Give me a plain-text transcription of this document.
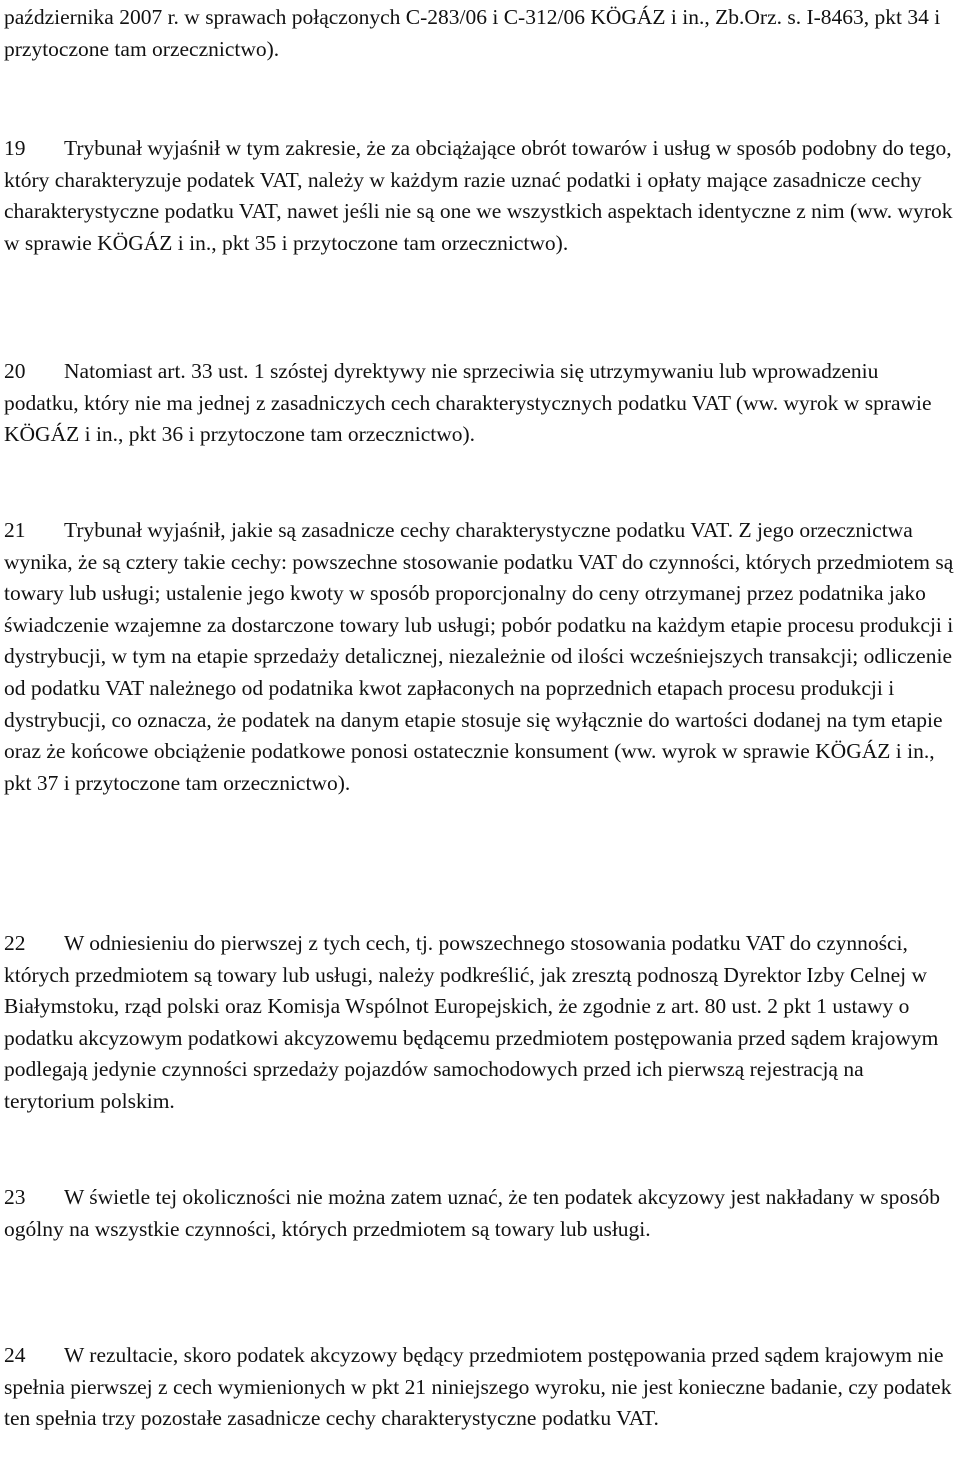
października 2007 r. w sprawach połączonych C‑283/06 i C‑312/06 KÖGÁZ i in., Zb.Orz. s. I‑8463, pkt 34 i przytoczone tam orzecznictwo).

19 Trybunał wyjaśnił w tym zakresie, że za obciążające obrót towarów i usług w sposób podobny do tego, który charakteryzuje podatek VAT, należy w każdym razie uznać podatki i opłaty mające zasadnicze cechy charakterystyczne podatku VAT, nawet jeśli nie są one we wszystkich aspektach identyczne z nim (ww. wyrok w sprawie KÖGÁZ i in., pkt 35 i przytoczone tam orzecznictwo).

20 Natomiast art. 33 ust. 1 szóstej dyrektywy nie sprzeciwia się utrzymywaniu lub wprowadzeniu podatku, który nie ma jednej z zasadniczych cech charakterystycznych podatku VAT (ww. wyrok w sprawie KÖGÁZ i in., pkt 36 i przytoczone tam orzecznictwo).

21 Trybunał wyjaśnił, jakie są zasadnicze cechy charakterystyczne podatku VAT. Z jego orzecznictwa wynika, że są cztery takie cechy: powszechne stosowanie podatku VAT do czynności, których przedmiotem są towary lub usługi; ustalenie jego kwoty w sposób proporcjonalny do ceny otrzymanej przez podatnika jako świadczenie wzajemne za dostarczone towary lub usługi; pobór podatku na każdym etapie procesu produkcji i dystrybucji, w tym na etapie sprzedaży detalicznej, niezależnie od ilości wcześniejszych transakcji; odliczenie od podatku VAT należnego od podatnika kwot zapłaconych na poprzednich etapach procesu produkcji i dystrybucji, co oznacza, że podatek na danym etapie stosuje się wyłącznie do wartości dodanej na tym etapie oraz że końcowe obciążenie podatkowe ponosi ostatecznie konsument (ww. wyrok w sprawie KÖGÁZ i in., pkt 37 i przytoczone tam orzecznictwo).

22 W odniesieniu do pierwszej z tych cech, tj. powszechnego stosowania podatku VAT do czynności, których przedmiotem są towary lub usługi, należy podkreślić, jak zresztą podnoszą Dyrektor Izby Celnej w Białymstoku, rząd polski oraz Komisja Wspólnot Europejskich, że zgodnie z art. 80 ust. 2 pkt 1 ustawy o podatku akcyzowym podatkowi akcyzowemu będącemu przedmiotem postępowania przed sądem krajowym podlegają jedynie czynności sprzedaży pojazdów samochodowych przed ich pierwszą rejestracją na terytorium polskim.

23 W świetle tej okoliczności nie można zatem uznać, że ten podatek akcyzowy jest nakładany w sposób ogólny na wszystkie czynności, których przedmiotem są towary lub usługi.

24 W rezultacie, skoro podatek akcyzowy będący przedmiotem postępowania przed sądem krajowym nie spełnia pierwszej z cech wymienionych w pkt 21 niniejszego wyroku, nie jest konieczne badanie, czy podatek ten spełnia trzy pozostałe zasadnicze cechy charakterystyczne podatku VAT.
